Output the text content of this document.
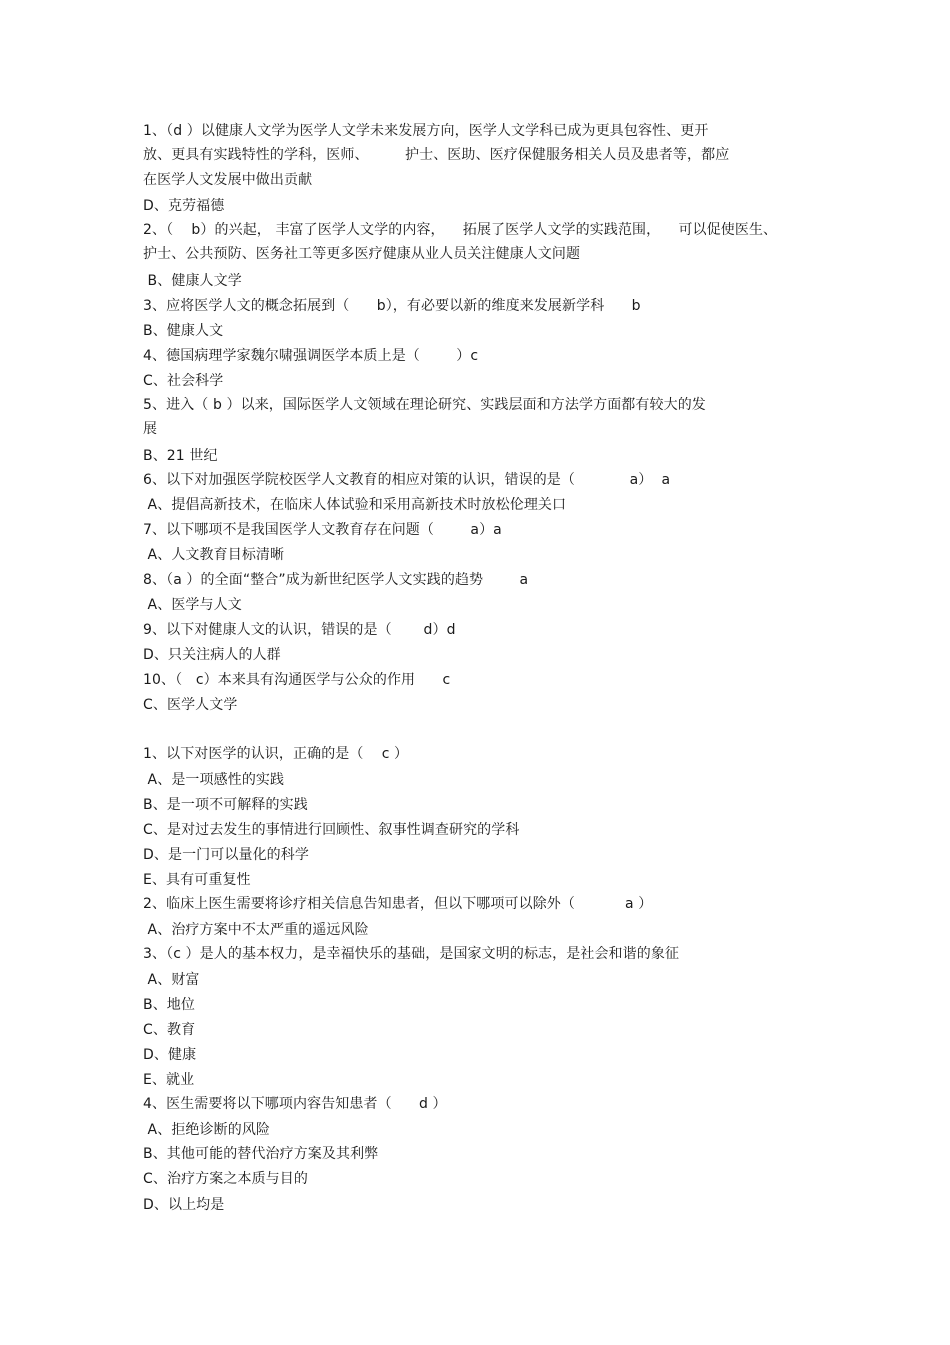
1、（d ）以健康人文学为医学人文学未来发展方向，医学人文学科已成为更具包容性、更开
放、更具有实践特性的学科，医师、        护士、医助、医疗保健服务相关人员及患者等，都应
在医学人文发展中做出贡献
D、克劳福德
2、（    b）的兴起， 丰富了医学人文学的内容，    拓展了医学人文学的实践范围，    可以促使医生、
护士、公共预防、医务社工等更多医疗健康从业人员关注健康人文问题
B、健康人文学
3、应将医学人文的概念拓展到（      b），有必要以新的维度来发展新学科      b
B、健康人文
4、德国病理学家魏尔啸强调医学本质上是（        ）c
C、社会科学
5、进入（ b ）以来，国际医学人文领域在理论研究、实践层面和方法学方面都有较大的发
展
B、21 世纪
6、以下对加强医学院校医学人文教育的相应对策的认识，错误的是（            a）  a
A、提倡高新技术，在临床人体试验和采用高新技术时放松伦理关口
7、以下哪项不是我国医学人文教育存在问题（        a）a
A、人文教育目标清晰
8、（a ）的全面“整合”成为新世纪医学人文实践的趋势        a
A、医学与人文
9、以下对健康人文的认识，错误的是（       d）d
D、只关注病人的人群
10、（   c）本来具有沟通医学与公众的作用      c
C、医学人文学
1、以下对医学的认识，正确的是（    c ）
A、是一项感性的实践
B、是一项不可解释的实践
C、是对过去发生的事情进行回顾性、叙事性调查研究的学科
D、是一门可以量化的科学
E、具有可重复性
2、临床上医生需要将诊疗相关信息告知患者，但以下哪项可以除外（           a ）
A、治疗方案中不太严重的遥远风险
3、（c ）是人的基本权力，是幸福快乐的基础，是国家文明的标志，是社会和谐的象征
A、财富
B、地位
C、教育
D、健康
E、就业
4、医生需要将以下哪项内容告知患者（      d ）
A、拒绝诊断的风险
B、其他可能的替代治疗方案及其利弊
C、治疗方案之本质与目的
D、以上均是
